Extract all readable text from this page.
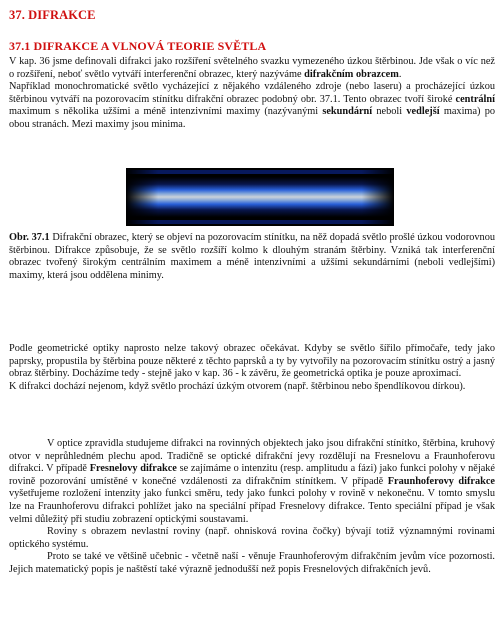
37. DIFRAKCE
37.1 DIFRAKCE A VLNOVÁ TEORIE SVĚTLA

V kap. 36 jsme definovali difrakci jako rozšíření světelného svazku vymezeného úzkou štěrbinou. Jde však o víc než o rozšíření, neboť světlo vytváří interferenční obrazec, který nazýváme difrakčním obrazcem.

Například monochromatické světlo vycházející z nějakého vzdáleného zdroje (nebo laseru) a procházející úzkou štěrbinou vytváří na pozorovacím stínítku difrakční obrazec podobný obr. 37.1. Tento obrazec tvoří široké centrální maximum s několika užšími a méně intenzivními maximy (nazývanými sekundární neboli vedlejší maxima) po obou stranách. Mezi maximy jsou minima.

Obr. 37.1 Difrakční obrazec, který se objeví na pozorovacím stínítku, na něž dopadá světlo prošlé úzkou vodorovnou štěrbinou. Difrakce způsobuje, že se světlo rozšíří kolmo k dlouhým stranám štěrbiny. Vzniká tak interferenční obrazec tvořený širokým centrálním maximem a méně intenzivními a užšími sekundárními (neboli vedlejšími) maximy, která jsou oddělena minimy.

Podle geometrické optiky naprosto nelze takový obrazec očekávat. Kdyby se světlo šířilo přímočaře, tedy jako paprsky, propustila by štěrbina pouze některé z těchto paprsků a ty by vytvořily na pozorovacím stínítku ostrý a jasný obraz štěrbiny. Docházíme tedy - stejně jako v kap. 36 - k závěru, že geometrická optika je pouze aproximací.

K difrakci dochází nejenom, když světlo prochází úzkým otvorem (např. štěrbinou nebo špendlíkovou dírkou).

V optice zpravidla studujeme difrakci na rovinných objektech jako jsou difrakční stínítko, štěrbina, kruhový otvor v neprůhledném plechu apod. Tradičně se optické difrakční jevy rozdělují na Fresnelovu a Fraunhoferovu difrakci. V případě Fresnelovy difrakce se zajímáme o intenzitu (resp. amplitudu a fázi) jako funkci polohy v nějaké rovině pozorování umístěné v konečné vzdálenosti za difrakčním stínítkem. V případě Fraunhoferovy difrakce vyšetřujeme rozložení intenzity jako funkci směru, tedy jako funkci polohy v rovině v nekonečnu. V tomto smyslu lze na Fraunhoferovu difrakci pohlížet jako na speciální případ Fresnelovy difrakce. Tento speciální případ je však velmi důležitý při studiu zobrazení optickými soustavami.

Roviny s obrazem nevlastní roviny (např. ohnisková rovina čočky) bývají totiž významnými rovinami optického systému.

Proto se také ve většině učebnic - včetně naší - věnuje Fraunhoferovým difrakčním jevům více pozornosti. Jejich matematický popis je naštěstí také výrazně jednodušší než popis Fresnelových difrakčních jevů.
